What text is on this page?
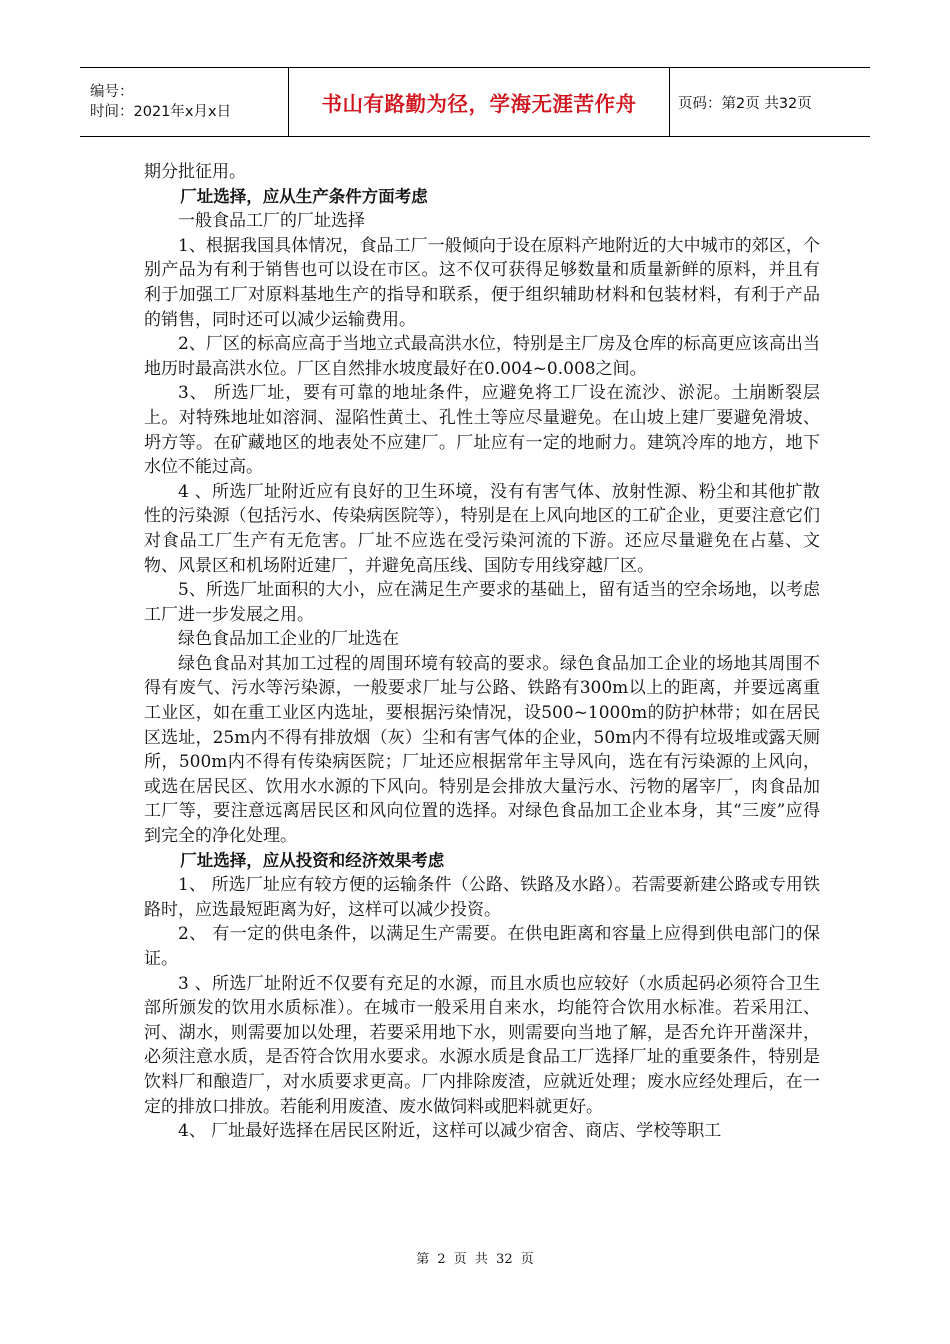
编号：
时间：2021年x月x日	书山有路勤为径，学海无涯苦作舟	页码：第2页 共32页

期分批征用。

厂址选择，应从生产条件方面考虑

一般食品工厂的厂址选择

1、根据我国具体情况，食品工厂一般倾向于设在原料产地附近的大中城市的郊区，个别产品为有利于销售也可以设在市区。这不仅可获得足够数量和质量新鲜的原料，并且有利于加强工厂对原料基地生产的指导和联系，便于组织辅助材料和包装材料，有利于产品的销售，同时还可以减少运输费用。

2、厂区的标高应高于当地立式最高洪水位，特别是主厂房及仓库的标高更应该高出当地历时最高洪水位。厂区自然排水坡度最好在0.004~0.008之间。

3、 所选厂址，要有可靠的地址条件，应避免将工厂设在流沙、淤泥。土崩断裂层上。对特殊地址如溶洞、湿陷性黄土、孔性土等应尽量避免。在山坡上建厂要避免滑坡、坍方等。在矿藏地区的地表处不应建厂。厂址应有一定的地耐力。建筑冷库的地方，地下水位不能过高。

4 、所选厂址附近应有良好的卫生环境，没有有害气体、放射性源、粉尘和其他扩散性的污染源（包括污水、传染病医院等），特别是在上风向地区的工矿企业，更要注意它们对食品工厂生产有无危害。厂址不应选在受污染河流的下游。还应尽量避免在占墓、文物、风景区和机场附近建厂，并避免高压线、国防专用线穿越厂区。

5、所选厂址面积的大小，应在满足生产要求的基础上，留有适当的空余场地，以考虑工厂进一步发展之用。

绿色食品加工企业的厂址选在

绿色食品对其加工过程的周围环境有较高的要求。绿色食品加工企业的场地其周围不得有废气、污水等污染源，一般要求厂址与公路、铁路有300m以上的距离，并要远离重工业区，如在重工业区内选址，要根据污染情况，设500~1000m的防护林带；如在居民区选址，25m内不得有排放烟（灰）尘和有害气体的企业，50m内不得有垃圾堆或露天厕所，500m内不得有传染病医院；厂址还应根据常年主导风向，选在有污染源的上风向，或选在居民区、饮用水水源的下风向。特别是会排放大量污水、污物的屠宰厂，肉食品加工厂等，要注意远离居民区和风向位置的选择。对绿色食品加工企业本身，其“三废”应得到完全的净化处理。

厂址选择，应从投资和经济效果考虑

1、 所选厂址应有较方便的运输条件（公路、铁路及水路）。若需要新建公路或专用铁路时，应选最短距离为好，这样可以减少投资。

2、 有一定的供电条件，以满足生产需要。在供电距离和容量上应得到供电部门的保证。

3 、所选厂址附近不仅要有充足的水源，而且水质也应较好（水质起码必须符合卫生部所颁发的饮用水质标准）。在城市一般采用自来水，均能符合饮用水标准。若采用江、河、湖水，则需要加以处理，若要采用地下水，则需要向当地了解，是否允许开凿深井，必须注意水质，是否符合饮用水要求。水源水质是食品工厂选择厂址的重要条件，特别是饮料厂和酿造厂，对水质要求更高。厂内排除废渣，应就近处理；废水应经处理后，在一定的排放口排放。若能利用废渣、废水做饲料或肥料就更好。

4、 厂址最好选择在居民区附近，这样可以减少宿舍、商店、学校等职工

第 2 页 共 32 页
